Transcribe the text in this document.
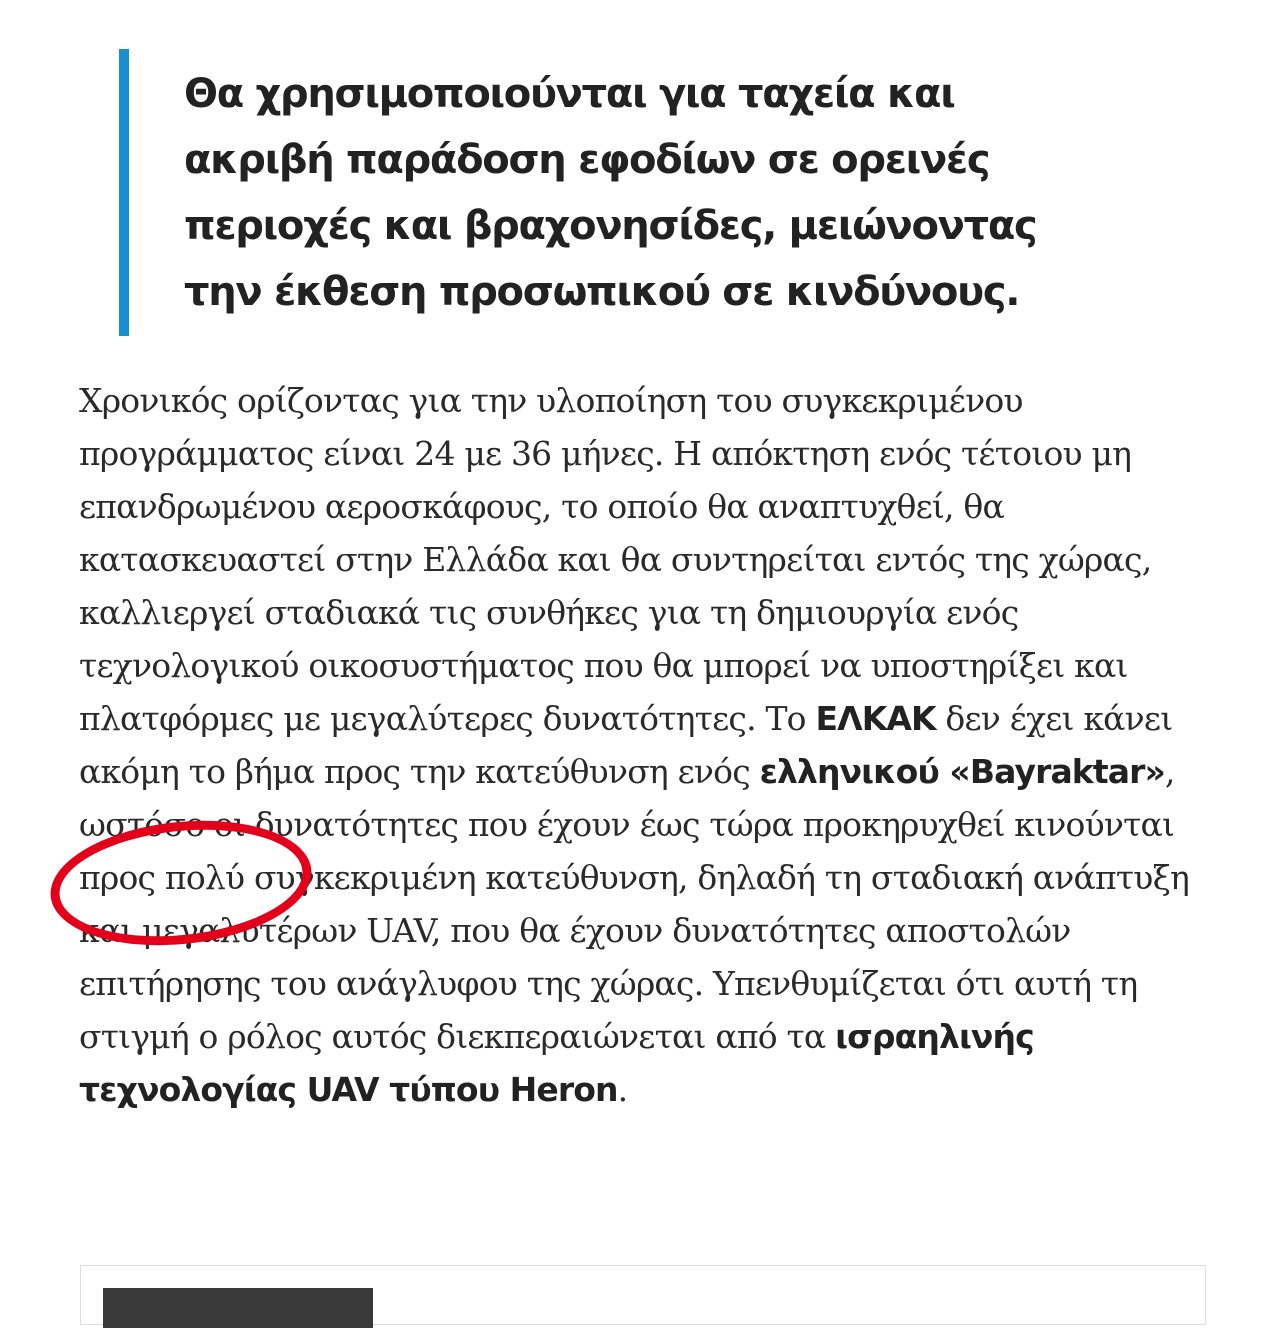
Θα χρησιμοποιούνται για ταχεία και ακριβή παράδοση εφοδίων σε ορεινές περιοχές και βραχονησίδες, μειώνοντας την έκθεση προσωπικού σε κινδύνους.

Χρονικός ορίζοντας για την υλοποίηση του συγκεκριμένου προγράμματος είναι 24 με 36 μήνες. Η απόκτηση ενός τέτοιου μη επανδρωμένου αεροσκάφους, το οποίο θα αναπτυχθεί, θα κατασκευαστεί στην Ελλάδα και θα συντηρείται εντός της χώρας, καλλιεργεί σταδιακά τις συνθήκες για τη δημιουργία ενός τεχνολογικού οικοσυστήματος που θα μπορεί να υποστηρίξει και πλατφόρμες με μεγαλύτερες δυνατότητες. Το ΕΛΚΑΚ δεν έχει κάνει ακόμη το βήμα προς την κατεύθυνση ενός ελληνικού «Bayraktar», ωστόσο οι δυνατότητες που έχουν έως τώρα προκηρυχθεί κινούνται προς πολύ συγκεκριμένη κατεύθυνση, δηλαδή τη σταδιακή ανάπτυξη και μεγαλυτέρων UAV, που θα έχουν δυνατότητες αποστολών επιτήρησης του ανάγλυφου της χώρας. Υπενθυμίζεται ότι αυτή τη στιγμή ο ρόλος αυτός διεκπεραιώνεται από τα ισραηλινής τεχνολογίας UAV τύπου Heron.
